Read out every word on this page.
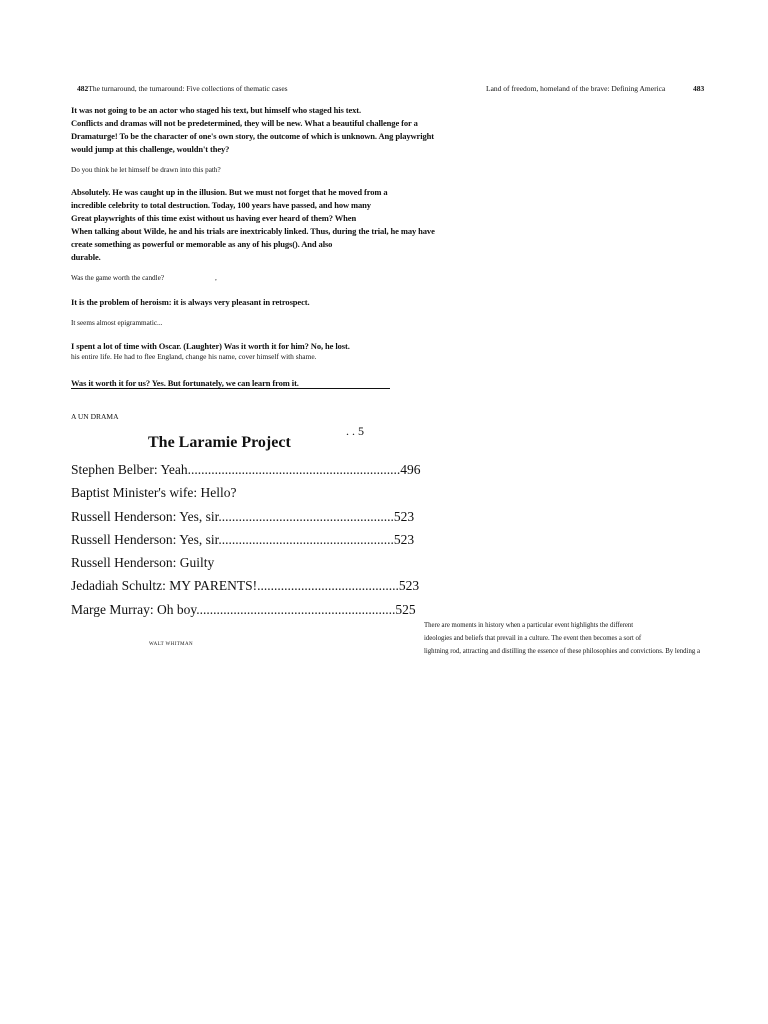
482The turnaround, the turnaround: Five collections of thematic cases	Land of freedom, homeland of the brave: Defining America	483

It was not going to be an actor who staged his text, but himself who staged his text.

Conflicts and dramas will not be predetermined, they will be new. What a beautiful challenge for a

Dramaturge! To be the character of one's own story, the outcome of which is unknown. Ang playwright

would jump at this challenge, wouldn't they?

Do you think he let himself be drawn into this path?

Absolutely. He was caught up in the illusion. But we must not forget that he moved from a

incredible celebrity to total destruction. Today, 100 years have passed, and how many

Great playwrights of this time exist without us having ever heard of them? When

When talking about Wilde, he and his trials are inextricably linked. Thus, during the trial, he may have

create something as powerful or memorable as any of his plugs(). And also

durable.

Was the game worth the candle?	,
It is the problem of heroism: it is always very pleasant in retrospect.
It seems almost epigrammatic...
I spent a lot of time with Oscar. (Laughter) Was it worth it for him? No, he lost.
his entire life. He had to flee England, change his name, cover himself with shame.
Was it worth it for us? Yes. But fortunately, we can learn from it.
A UN DRAMA
. . 5
The Laramie Project
Stephen Belber: Yeah...............................................................496
Baptist Minister's wife: Hello?
Russell Henderson: Yes, sir....................................................523
Russell Henderson: Yes, sir....................................................523
Russell Henderson: Guilty
Jedadiah Schultz: MY PARENTS!..........................................523
Marge Murray: Oh boy...........................................................525
WALT WHITMAN

There are moments in history when a particular event highlights the different

ideologies and beliefs that prevail in a culture. The event then becomes a sort of

lightning rod, attracting and distilling the essence of these philosophies and convictions. By lending a
